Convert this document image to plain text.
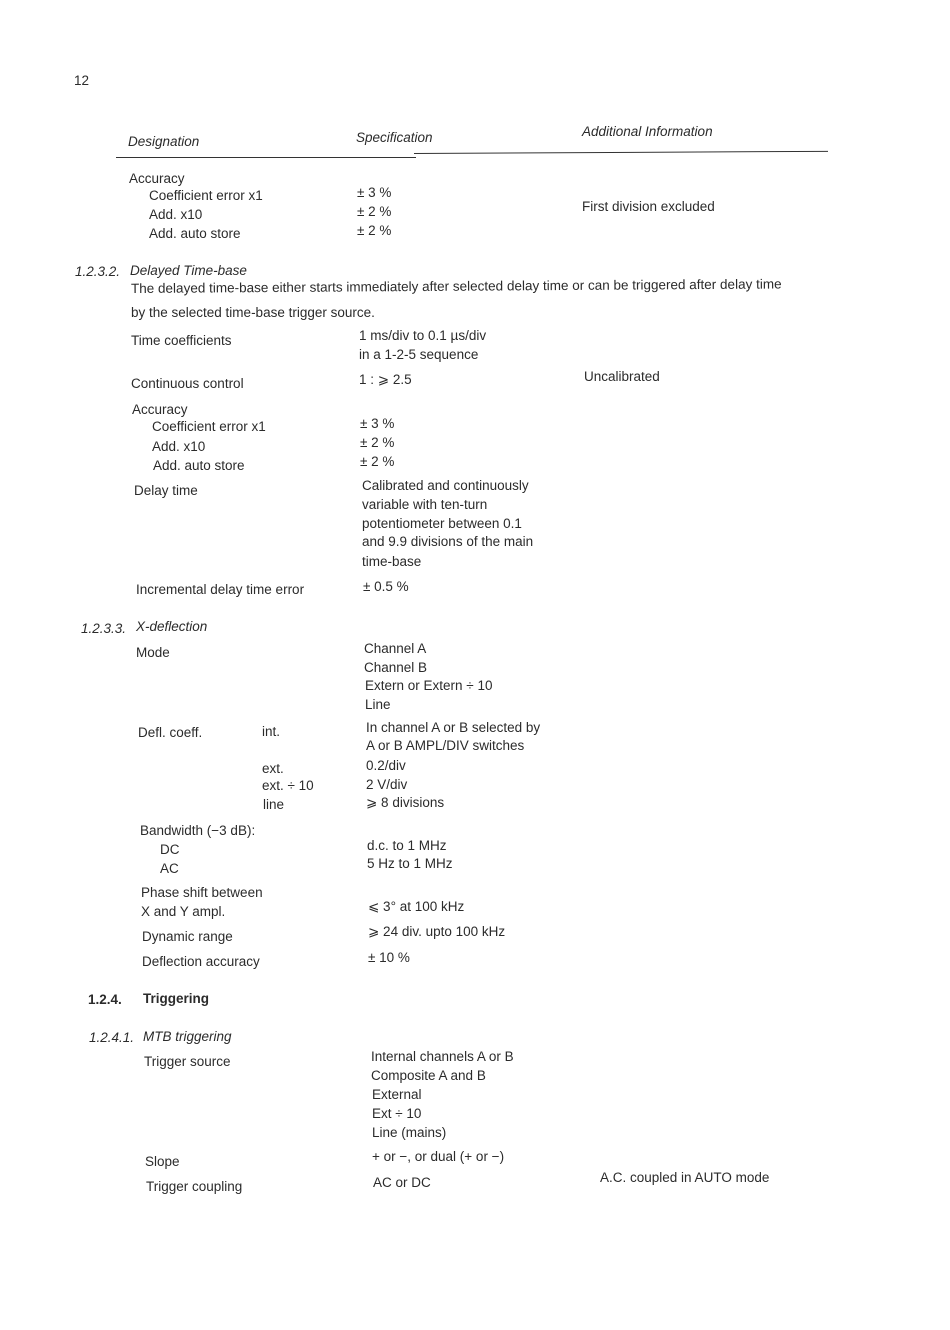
12
Designation	Specification	Additional Information
Accuracy
Coefficient error x1	± 3 %
Add. x10	± 2 %
Add. auto store	± 2 %
First division excluded
1.2.3.2. Delayed Time-base
The delayed time-base either starts immediately after selected delay time or can be triggered after delay time
by the selected time-base trigger source.
Time coefficients	1 ms/div to 0.1 µs/div
in a 1-2-5 sequence
Continuous control	1 : ⩾ 2.5	Uncalibrated
Accuracy
Coefficient error x1	± 3 %
Add. x10	± 2 %
Add. auto store	± 2 %
Delay time	Calibrated and continuously
variable with ten-turn
potentiometer between 0.1
and 9.9 divisions of the main
time-base
Incremental delay time error	± 0.5 %
1.2.3.3. X-deflection
Mode	Channel A
Channel B
Extern or Extern ÷ 10
Line
Defl. coeff.	int.	In channel A or B selected by
A or B AMPL/DIV switches
ext.	0.2/div
ext. ÷ 10	2 V/div
line	⩾ 8 divisions
Bandwidth (−3 dB):
DC	d.c. to 1 MHz
AC	5 Hz to 1 MHz
Phase shift between
X and Y ampl.	⩽ 3° at 100 kHz
Dynamic range	⩾ 24 div. upto 100 kHz
Deflection accuracy	± 10 %
1.2.4. Triggering
1.2.4.1. MTB triggering
Trigger source	Internal channels A or B
Composite A and B
External
Ext ÷ 10
Line (mains)
Slope	+ or −, or dual (+ or −)
Trigger coupling	AC or DC	A.C. coupled in AUTO mode
